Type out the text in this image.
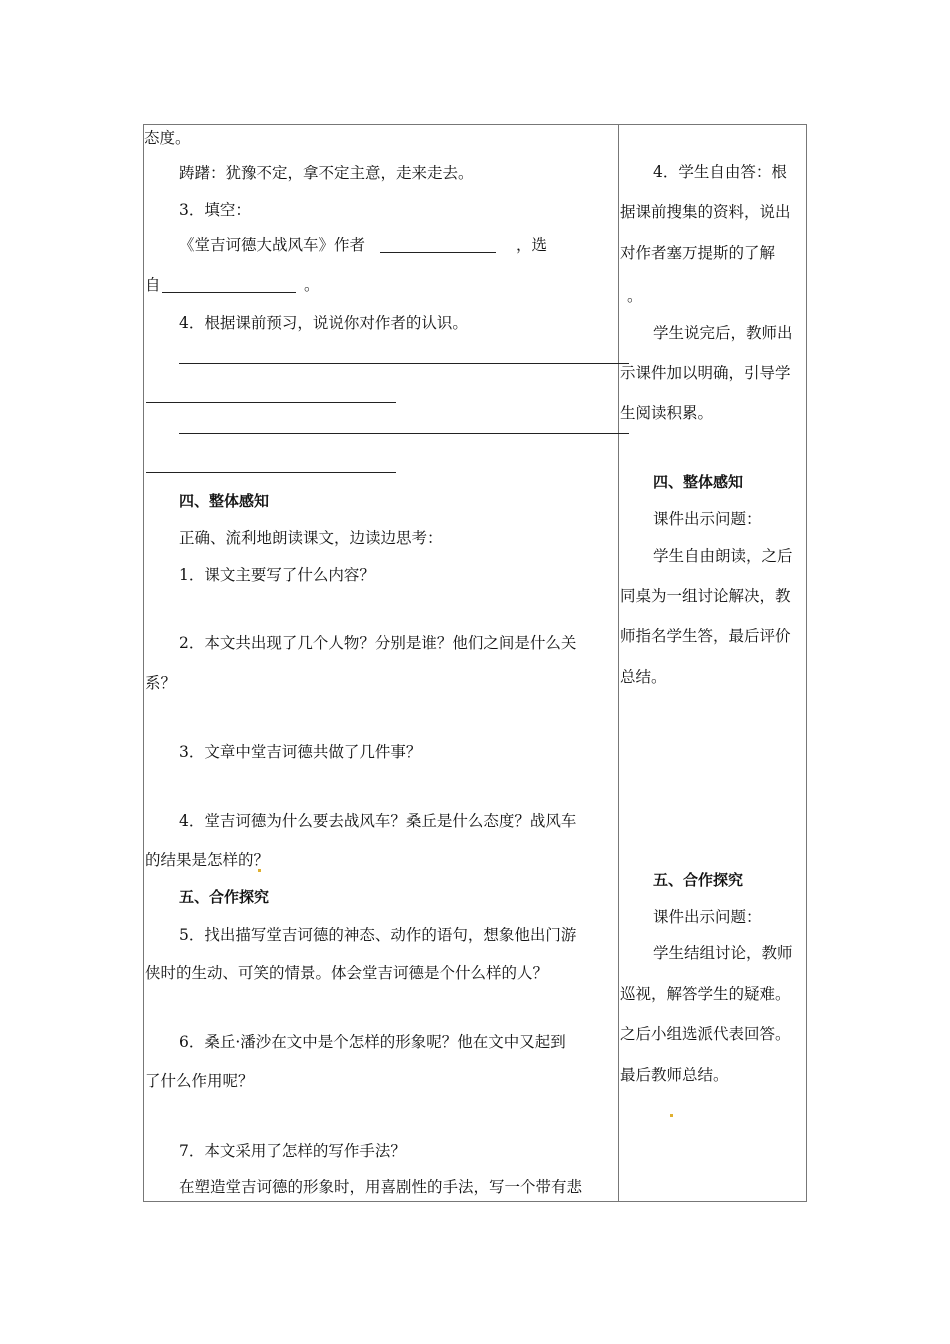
态度。
踌躇：犹豫不定，拿不定主意，走来走去。
3．填空：
《堂吉诃德大战风车》作者	，选
自	。
4．根据课前预习，说说你对作者的认识。
四、整体感知
正确、流利地朗读课文，边读边思考：
1．课文主要写了什么内容？
2．本文共出现了几个人物？分别是谁？他们之间是什么关
系？
3．文章中堂吉诃德共做了几件事？
4．堂吉诃德为什么要去战风车？桑丘是什么态度？战风车
的结果是怎样的？
五、合作探究
5．找出描写堂吉诃德的神态、动作的语句，想象他出门游
侠时的生动、可笑的情景。体会堂吉诃德是个什么样的人？
6．桑丘·潘沙在文中是个怎样的形象呢？他在文中又起到
了什么作用呢？
7．本文采用了怎样的写作手法？
在塑造堂吉诃德的形象时，用喜剧性的手法，写一个带有悲
4．学生自由答：根
据课前搜集的资料，说出
对作者塞万提斯的了解
。
学生说完后，教师出
示课件加以明确，引导学
生阅读积累。
四、整体感知
课件出示问题：
学生自由朗读，之后
同桌为一组讨论解决，教
师指名学生答，最后评价
总结。
五、合作探究
课件出示问题：
学生结组讨论，教师
巡视，解答学生的疑难。
之后小组选派代表回答。
最后教师总结。
